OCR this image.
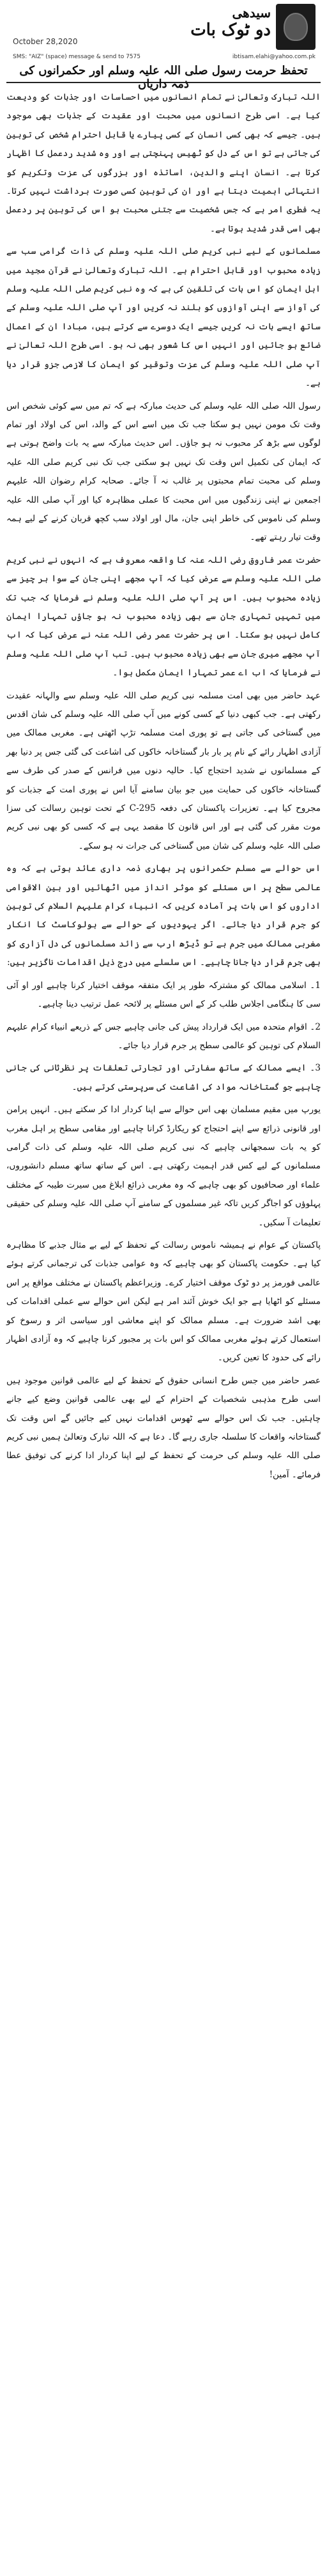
سیدھی
دو ٹوک بات
October 28,2020
SMS: "AIZ" (space) message & send to 7575	ibtisam.elahi@yahoo.com.pk
تحفظ حرمت رسول صلی اللہ علیہ وسلم اور حکمرانوں کی ذمہ داریاں

اللہ تبارک وتعالیٰ نے تمام انسانوں میں احساسات اور جذبات کو ودیعت کیا ہے۔ اسی طرح انسانوں میں محبت اور عقیدت کے جذبات بھی موجود ہیں۔ جیسے کہ بھی کسی انسان کے کسی پیارے یا قابل احترام شخص کی توہین کی جاتی ہے تو اس کے دل کو ٹھیس پہنچتی ہے اور وہ شدید ردعمل کا اظہار کرتا ہے۔ انسان اپنے والدین، اساتذہ اور بزرگوں کی عزت وتکریم کو انتہائی اہمیت دیتا ہے اور ان کی توہین کسی صورت برداشت نہیں کرتا۔ یہ فطری امر ہے کہ جس شخصیت سے جتنی محبت ہو اس کی توہین پر ردعمل بھی اسی قدر شدید ہوتا ہے۔

مسلمانوں کے لیے نبی کریم صلی اللہ علیہ وسلم کی ذات گرامی سب سے زیادہ محبوب اور قابل احترام ہے۔ اللہ تبارک وتعالیٰ نے قرآن مجید میں اہل ایمان کو اس بات کی تلقین کی ہے کہ وہ نبی کریم صلی اللہ علیہ وسلم کی آواز سے اپنی آوازوں کو بلند نہ کریں اور آپ صلی اللہ علیہ وسلم کے ساتھ ایسے بات نہ کریں جیسے ایک دوسرے سے کرتے ہیں، مبادا ان کے اعمال ضائع ہو جائیں اور انہیں اس کا شعور بھی نہ ہو۔ اسی طرح اللہ تعالیٰ نے آپ صلی اللہ علیہ وسلم کی عزت وتوقیر کو ایمان کا لازمی جزو قرار دیا ہے۔

رسول اللہ صلی اللہ علیہ وسلم کی حدیث مبارکہ ہے کہ تم میں سے کوئی شخص اس وقت تک مومن نہیں ہو سکتا جب تک میں اسے اس کے والد، اس کی اولاد اور تمام لوگوں سے بڑھ کر محبوب نہ ہو جاؤں۔ اس حدیث مبارکہ سے یہ بات واضح ہوتی ہے کہ ایمان کی تکمیل اس وقت تک نہیں ہو سکتی جب تک نبی کریم صلی اللہ علیہ وسلم کی محبت تمام محبتوں پر غالب نہ آ جائے۔ صحابہ کرام رضوان اللہ علیہم اجمعین نے اپنی زندگیوں میں اس محبت کا عملی مظاہرہ کیا اور آپ صلی اللہ علیہ وسلم کی ناموس کی خاطر اپنی جان، مال اور اولاد سب کچھ قربان کرنے کے لیے ہمہ وقت تیار رہتے تھے۔

حضرت عمر فاروق رضی اللہ عنہ کا واقعہ معروف ہے کہ انہوں نے نبی کریم صلی اللہ علیہ وسلم سے عرض کیا کہ آپ مجھے اپنی جان کے سوا ہر چیز سے زیادہ محبوب ہیں۔ اس پر آپ صلی اللہ علیہ وسلم نے فرمایا کہ جب تک میں تمہیں تمہاری جان سے بھی زیادہ محبوب نہ ہو جاؤں تمہارا ایمان کامل نہیں ہو سکتا۔ اس پر حضرت عمر رضی اللہ عنہ نے عرض کیا کہ اب آپ مجھے میری جان سے بھی زیادہ محبوب ہیں۔ تب آپ صلی اللہ علیہ وسلم نے فرمایا کہ اب اے عمر تمہارا ایمان مکمل ہوا۔

عہد حاضر میں بھی امت مسلمہ نبی کریم صلی اللہ علیہ وسلم سے والہانہ عقیدت رکھتی ہے۔ جب کبھی دنیا کے کسی کونے میں آپ صلی اللہ علیہ وسلم کی شان اقدس میں گستاخی کی جاتی ہے تو پوری امت مسلمہ تڑپ اٹھتی ہے۔ مغربی ممالک میں آزادی اظہار رائے کے نام پر بار بار گستاخانہ خاکوں کی اشاعت کی گئی جس پر دنیا بھر کے مسلمانوں نے شدید احتجاج کیا۔ حالیہ دنوں میں فرانس کے صدر کی طرف سے گستاخانہ خاکوں کی حمایت میں جو بیان سامنے آیا اس نے پوری امت کے جذبات کو مجروح کیا ہے۔ تعزیرات پاکستان کی دفعہ C-295 کے تحت توہین رسالت کی سزا موت مقرر کی گئی ہے اور اس قانون کا مقصد یہی ہے کہ کسی کو بھی نبی کریم صلی اللہ علیہ وسلم کی شان میں گستاخی کی جرات نہ ہو سکے۔

اس حوالے سے مسلم حکمرانوں پر بھاری ذمہ داری عائد ہوتی ہے کہ وہ عالمی سطح پر اس مسئلے کو موثر انداز میں اٹھائیں اور بین الاقوامی اداروں کو اس بات پر آمادہ کریں کہ انبیاء کرام علیہم السلام کی توہین کو جرم قرار دیا جائے۔ اگر یہودیوں کے حوالے سے ہولوکاسٹ کا انکار مغربی ممالک میں جرم ہے تو ڈیڑھ ارب سے زائد مسلمانوں کی دل آزاری کو بھی جرم قرار دیا جانا چاہیے۔ اس سلسلے میں درج ذیل اقدامات ناگزیر ہیں:

1۔ اسلامی ممالک کو مشترکہ طور پر ایک متفقہ موقف اختیار کرنا چاہیے اور او آئی سی کا ہنگامی اجلاس طلب کر کے اس مسئلے پر لائحہ عمل ترتیب دینا چاہیے۔

2۔ اقوام متحدہ میں ایک قرارداد پیش کی جانی چاہیے جس کے ذریعے انبیاء کرام علیہم السلام کی توہین کو عالمی سطح پر جرم قرار دیا جائے۔

3۔ ایسے ممالک کے ساتھ سفارتی اور تجارتی تعلقات پر نظرثانی کی جانی چاہیے جو گستاخانہ مواد کی اشاعت کی سرپرستی کرتے ہیں۔

یورپ میں مقیم مسلمان بھی اس حوالے سے اپنا کردار ادا کر سکتے ہیں۔ انہیں پرامن اور قانونی ذرائع سے اپنے احتجاج کو ریکارڈ کرانا چاہیے اور مقامی سطح پر اہل مغرب کو یہ بات سمجھانی چاہیے کہ نبی کریم صلی اللہ علیہ وسلم کی ذات گرامی مسلمانوں کے لیے کس قدر اہمیت رکھتی ہے۔ اس کے ساتھ ساتھ مسلم دانشوروں، علماء اور صحافیوں کو بھی چاہیے کہ وہ مغربی ذرائع ابلاغ میں سیرت طیبہ کے مختلف پہلوؤں کو اجاگر کریں تاکہ غیر مسلموں کے سامنے آپ صلی اللہ علیہ وسلم کی حقیقی تعلیمات آ سکیں۔

پاکستان کے عوام نے ہمیشہ ناموس رسالت کے تحفظ کے لیے بے مثال جذبے کا مظاہرہ کیا ہے۔ حکومت پاکستان کو بھی چاہیے کہ وہ عوامی جذبات کی ترجمانی کرتے ہوئے عالمی فورمز پر دو ٹوک موقف اختیار کرے۔ وزیراعظم پاکستان نے مختلف مواقع پر اس مسئلے کو اٹھایا ہے جو ایک خوش آئند امر ہے لیکن اس حوالے سے عملی اقدامات کی بھی اشد ضرورت ہے۔ مسلم ممالک کو اپنے معاشی اور سیاسی اثر و رسوخ کو استعمال کرتے ہوئے مغربی ممالک کو اس بات پر مجبور کرنا چاہیے کہ وہ آزادی اظہار رائے کی حدود کا تعین کریں۔

عصر حاضر میں جس طرح انسانی حقوق کے تحفظ کے لیے عالمی قوانین موجود ہیں اسی طرح مذہبی شخصیات کے احترام کے لیے بھی عالمی قوانین وضع کیے جانے چاہئیں۔ جب تک اس حوالے سے ٹھوس اقدامات نہیں کیے جائیں گے اس وقت تک گستاخانہ واقعات کا سلسلہ جاری رہے گا۔ دعا ہے کہ اللہ تبارک وتعالیٰ ہمیں نبی کریم صلی اللہ علیہ وسلم کی حرمت کے تحفظ کے لیے اپنا کردار ادا کرنے کی توفیق عطا فرمائے۔ آمین!
